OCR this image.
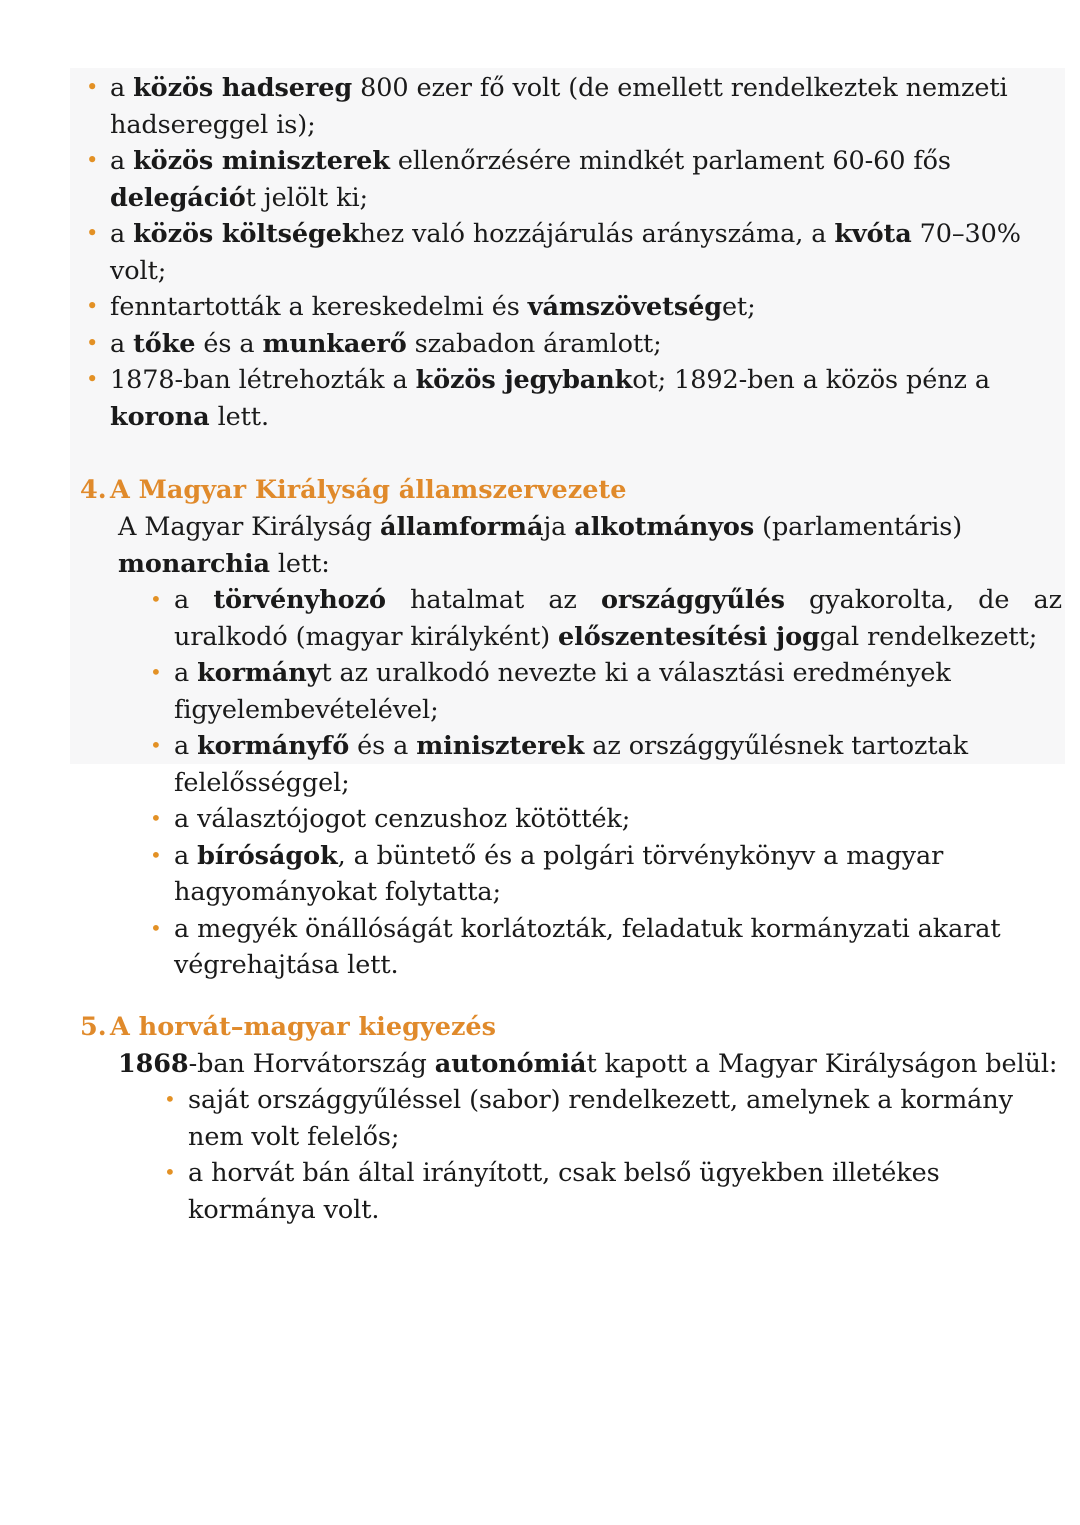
• a közös hadsereg 800 ezer fő volt (de emellett rendelkeztek nemzeti hadsereggel is);
• a közös miniszterek ellenőrzésére mindkét parlament 60-60 fős delegációt jelölt ki;
• a közös költségekhez való hozzájárulás arányszáma, a kvóta 70–30% volt;
• fenntartották a kereskedelmi és vámszövetséget;
• a tőke és a munkaerő szabadon áramlott;
• 1878-ban létrehozták a közös jegybankot; 1892-ben a közös pénz a korona lett.
4. A Magyar Királyság államszervezete
A Magyar Királyság államformája alkotmányos (parlamentáris) monarchia lett:
• a törvényhozó hatalmat az országgyűlés gyakorolta, de az uralkodó (magyar királyként) előszentesítési joggal rendelkezett;
• a kormányt az uralkodó nevezte ki a választási eredmények figyelembevételével;
• a kormányfő és a miniszterek az országgyűlésnek tartoztak felelősséggel;
• a választójogot cenzushoz kötötték;
• a bíróságok, a büntető és a polgári törvénykönyv a magyar hagyományokat folytatta;
• a megyék önállóságát korlátozták, feladatuk kormányzati akarat végrehajtása lett.
5. A horvát–magyar kiegyezés
1868-ban Horvátország autonómiát kapott a Magyar Királyságon belül:
• saját országgyűléssel (sabor) rendelkezett, amelynek a kormány nem volt felelős;
• a horvát bán által irányított, csak belső ügyekben illetékes kormánya volt.
